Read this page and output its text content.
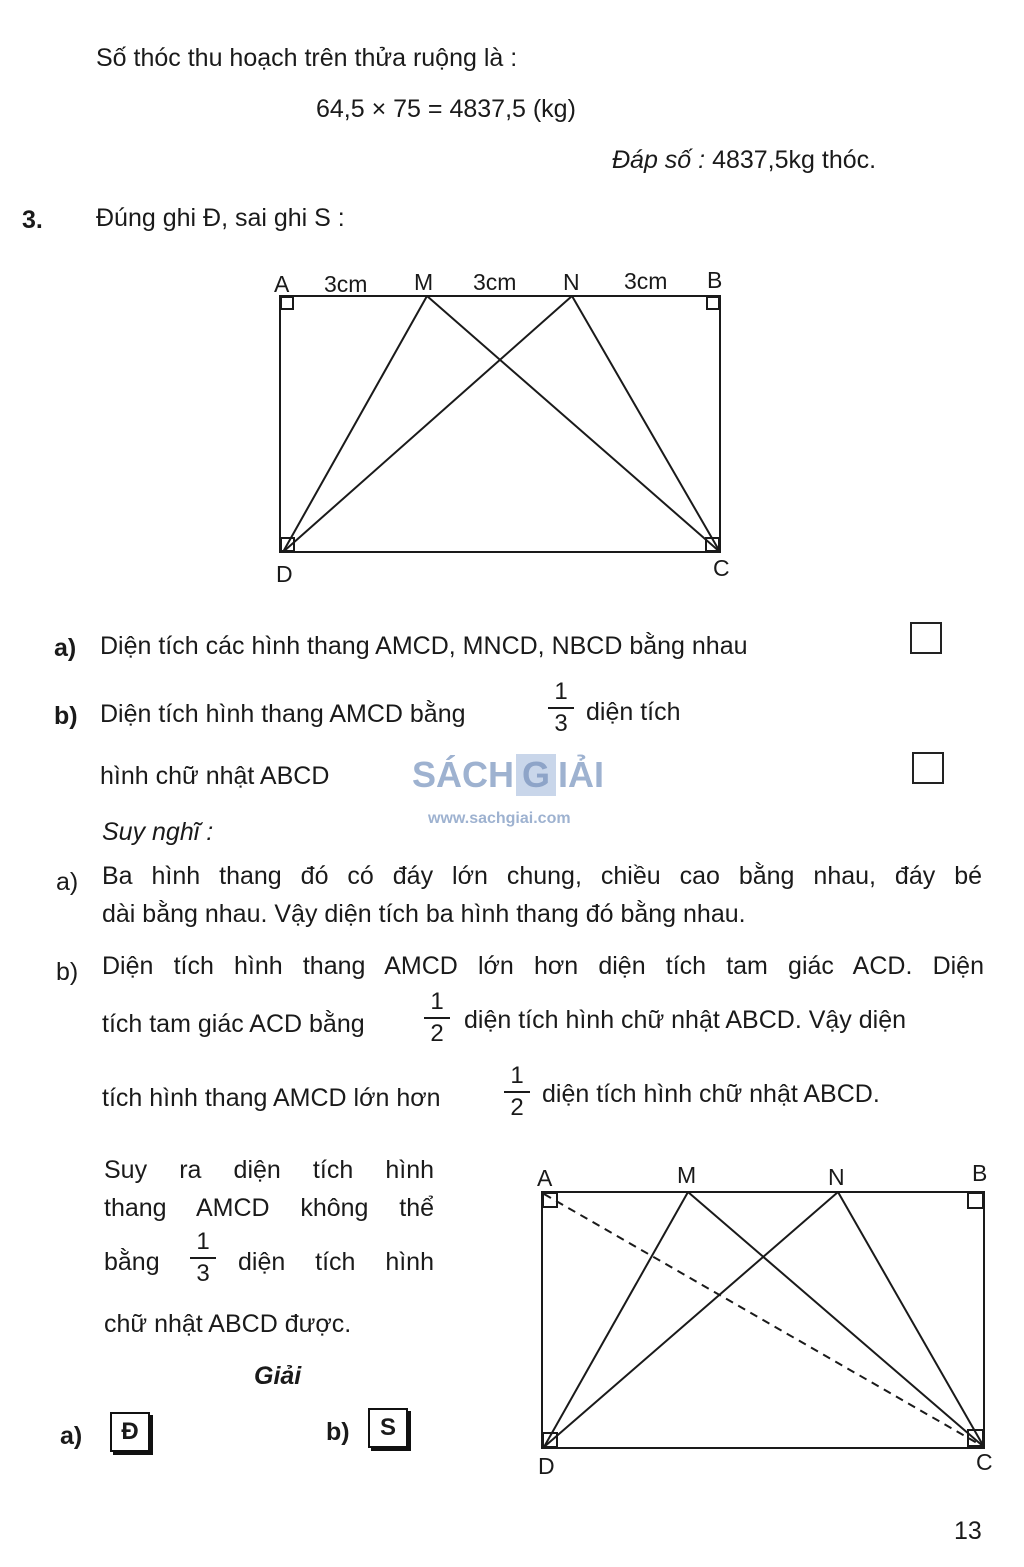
Số thóc thu hoạch trên thửa ruộng là :
64,5 × 75 = 4837,5 (kg)
Đáp số : 4837,5kg thóc.
3. Đúng ghi Đ, sai ghi S :
A 3cm M 3cm N 3cm B
D	C
a) Diện tích các hình thang AMCD, MNCD, NBCD bằng nhau
b) Diện tích hình thang AMCD bằng
1
3 diện tích
hình chữ nhật ABCD SÁCH G IẢI
www.sachgiai.com
Suy nghĩ :
a) Ba hình thang đó có đáy lớn chung, chiều cao bằng nhau, đáy bé
dài bằng nhau. Vậy diện tích ba hình thang đó bằng nhau.
b) Diện tích hình thang AMCD lớn hơn diện tích tam giác ACD. Diện
tích tam giác ACD bằng
1
2 diện tích hình chữ nhật ABCD. Vậy diện
tích hình thang AMCD lớn hơn
1
2 diện tích hình chữ nhật ABCD.
Suy ra diện tích hình
thang AMCD không thể
bằng
1
3 diện tích hình
chữ nhật ABCD được.
Giải
a)	Đ	b)	S
A	M	N	B
D	C
13
